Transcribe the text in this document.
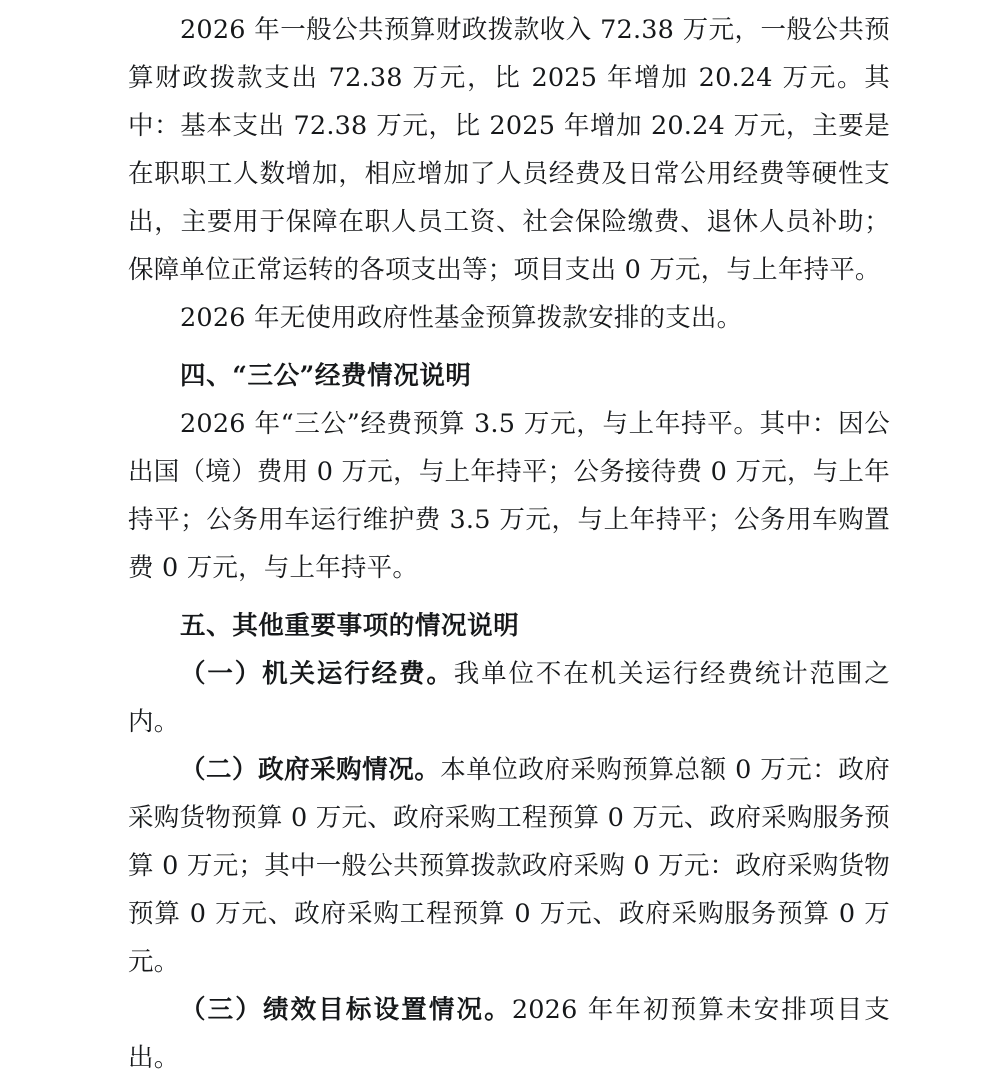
2026 年一般公共预算财政拨款收入 72.38 万元，一般公共预算财政拨款支出 72.38 万元，比 2025 年增加 20.24 万元。其中：基本支出 72.38 万元，比 2025 年增加 20.24 万元，主要是在职职工人数增加，相应增加了人员经费及日常公用经费等硬性支出，主要用于保障在职人员工资、社会保险缴费、退休人员补助；保障单位正常运转的各项支出等；项目支出 0 万元，与上年持平。

2026 年无使用政府性基金预算拨款安排的支出。

四、“三公”经费情况说明

2026 年“三公”经费预算 3.5 万元，与上年持平。其中：因公出国（境）费用 0 万元，与上年持平；公务接待费 0 万元，与上年持平；公务用车运行维护费 3.5 万元，与上年持平；公务用车购置费 0 万元，与上年持平。

五、其他重要事项的情况说明

（一）机关运行经费。我单位不在机关运行经费统计范围之内。

（二）政府采购情况。本单位政府采购预算总额 0 万元：政府采购货物预算 0 万元、政府采购工程预算 0 万元、政府采购服务预算 0 万元；其中一般公共预算拨款政府采购 0 万元：政府采购货物预算 0 万元、政府采购工程预算 0 万元、政府采购服务预算 0 万元。

（三）绩效目标设置情况。2026 年年初预算未安排项目支出。
